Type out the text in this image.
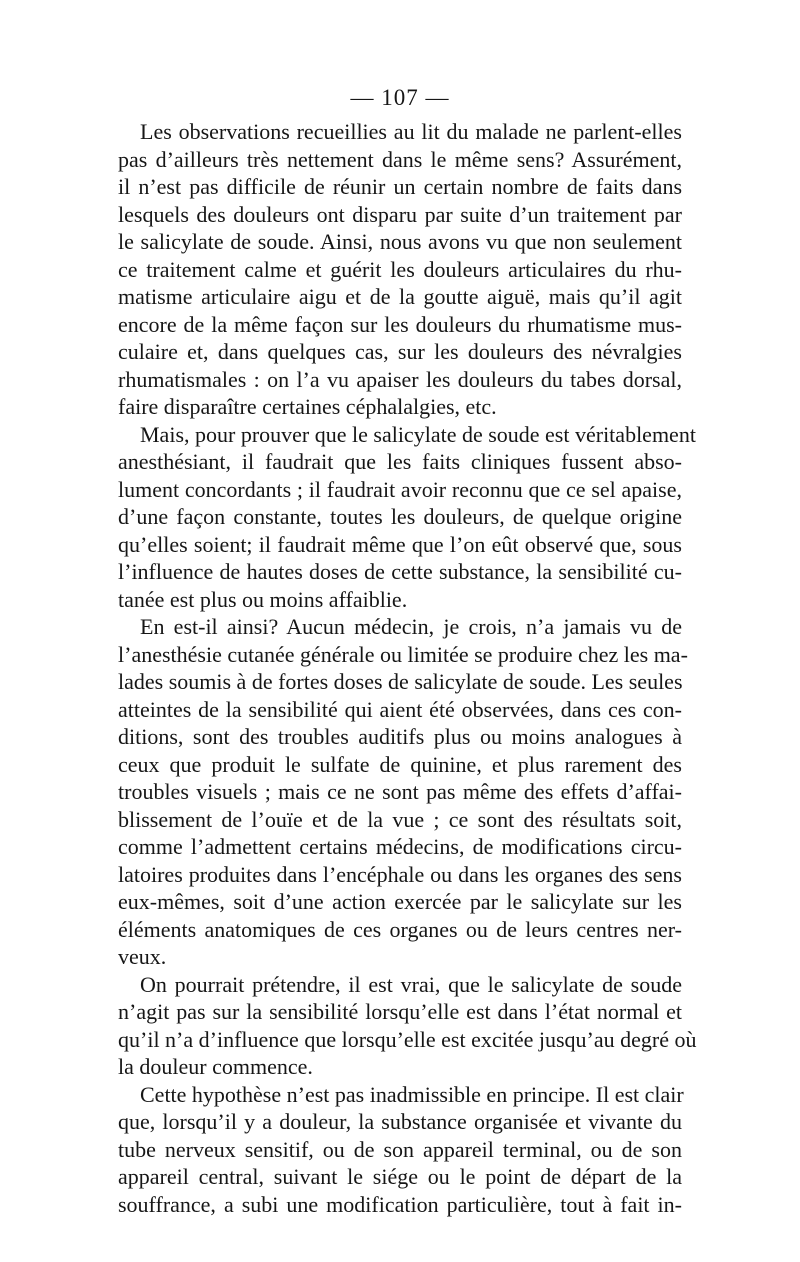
— 107 —
Les observations recueillies au lit du malade ne parlent-elles
pas d’ailleurs très nettement dans le même sens? Assurément,
il n’est pas difficile de réunir un certain nombre de faits dans
lesquels des douleurs ont disparu par suite d’un traitement par
le salicylate de soude. Ainsi, nous avons vu que non seulement
ce traitement calme et guérit les douleurs articulaires du rhu-
matisme articulaire aigu et de la goutte aiguë, mais qu’il agit
encore de la même façon sur les douleurs du rhumatisme mus-
culaire et, dans quelques cas, sur les douleurs des névralgies
rhumatismales : on l’a vu apaiser les douleurs du tabes dorsal,
faire disparaître certaines céphalalgies, etc.
Mais, pour prouver que le salicylate de soude est véritablement
anesthésiant, il faudrait que les faits cliniques fussent abso-
lument concordants ; il faudrait avoir reconnu que ce sel apaise,
d’une façon constante, toutes les douleurs, de quelque origine
qu’elles soient; il faudrait même que l’on eût observé que, sous
l’influence de hautes doses de cette substance, la sensibilité cu-
tanée est plus ou moins affaiblie.
En est-il ainsi? Aucun médecin, je crois, n’a jamais vu de
l’anesthésie cutanée générale ou limitée se produire chez les ma-
lades soumis à de fortes doses de salicylate de soude. Les seules
atteintes de la sensibilité qui aient été observées, dans ces con-
ditions, sont des troubles auditifs plus ou moins analogues à
ceux que produit le sulfate de quinine, et plus rarement des
troubles visuels ; mais ce ne sont pas même des effets d’affai-
blissement de l’ouïe et de la vue ; ce sont des résultats soit,
comme l’admettent certains médecins, de modifications circu-
latoires produites dans l’encéphale ou dans les organes des sens
eux-mêmes, soit d’une action exercée par le salicylate sur les
éléments anatomiques de ces organes ou de leurs centres ner-
veux.
On pourrait prétendre, il est vrai, que le salicylate de soude
n’agit pas sur la sensibilité lorsqu’elle est dans l’état normal et
qu’il n’a d’influence que lorsqu’elle est excitée jusqu’au degré où
la douleur commence.
Cette hypothèse n’est pas inadmissible en principe. Il est clair
que, lorsqu’il y a douleur, la substance organisée et vivante du
tube nerveux sensitif, ou de son appareil terminal, ou de son
appareil central, suivant le siége ou le point de départ de la
souffrance, a subi une modification particulière, tout à fait in-
